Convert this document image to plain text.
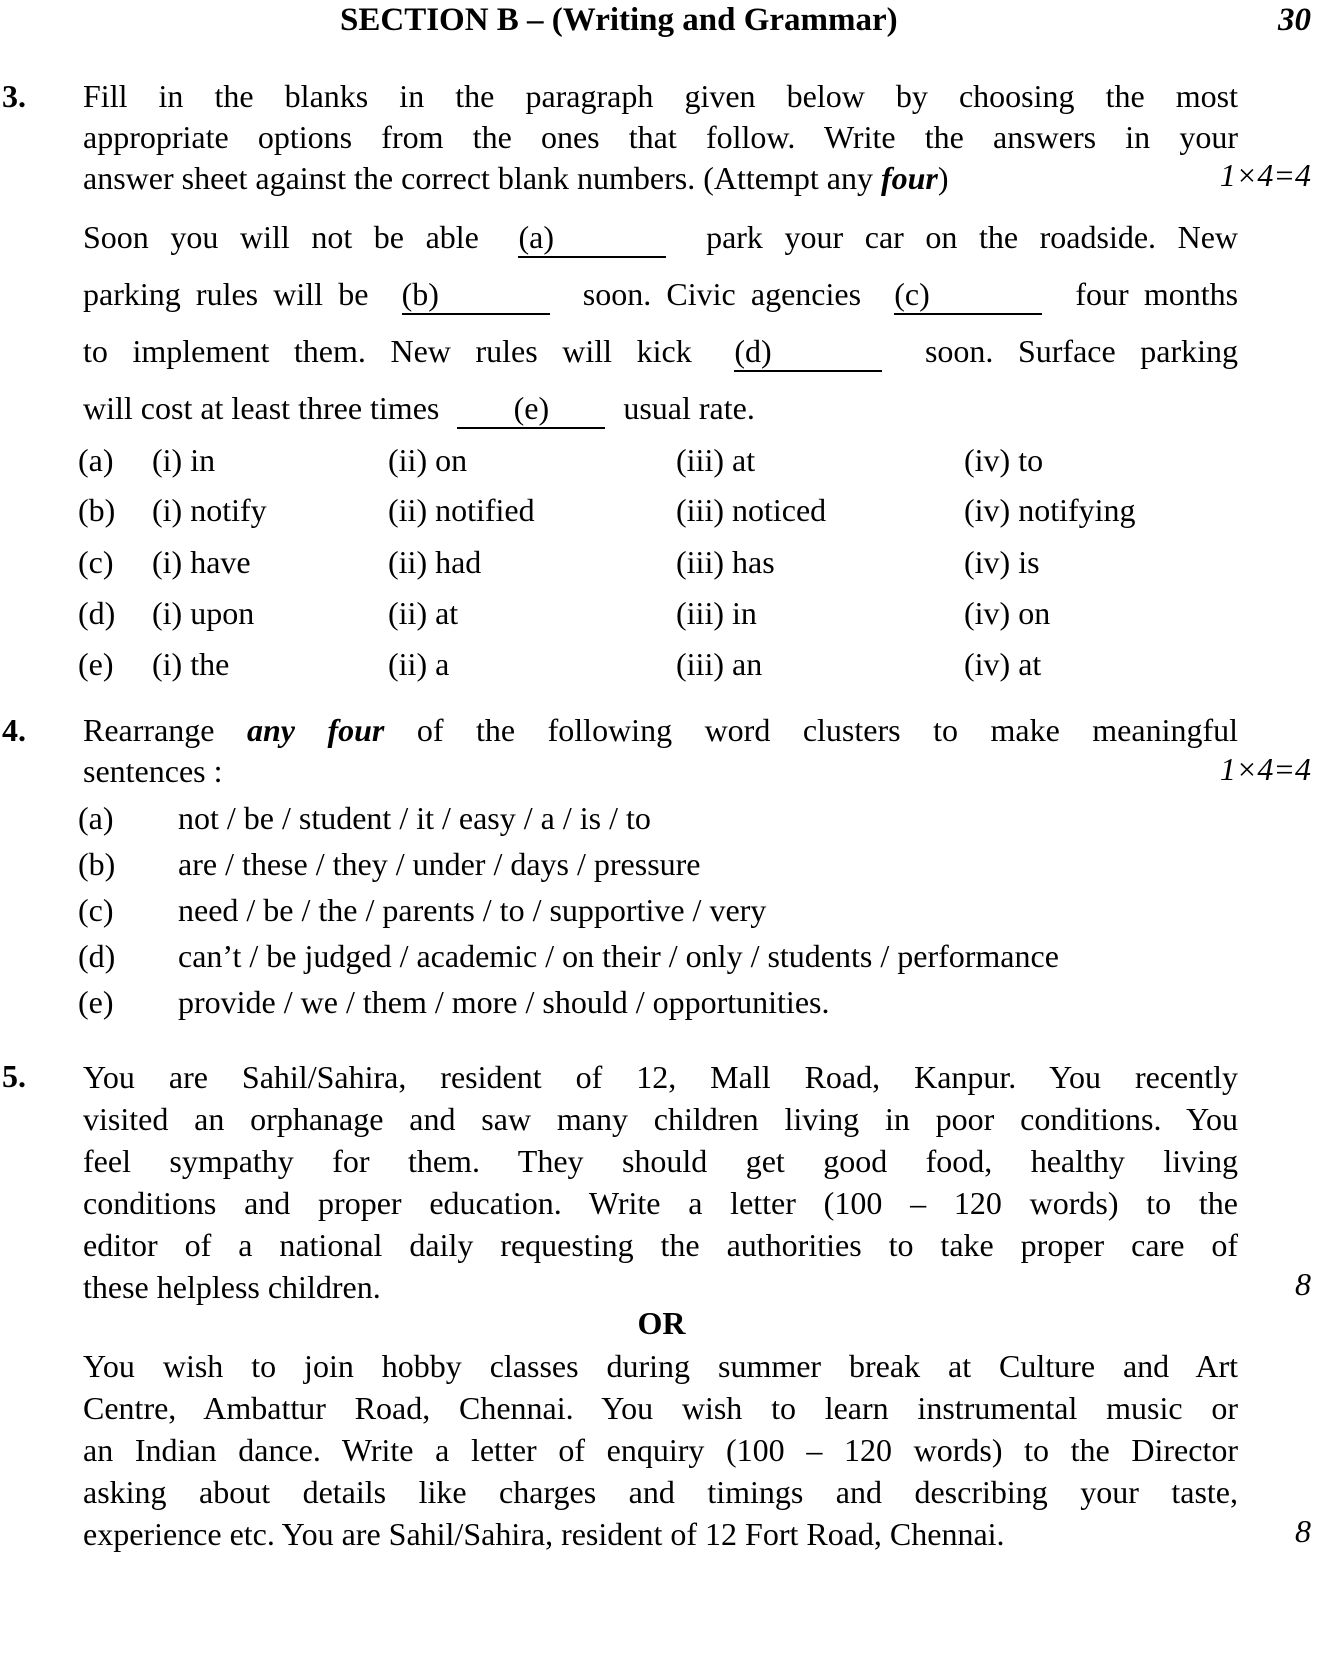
SECTION B – (Writing and Grammar)	30
3. Fill in the blanks in the paragraph given below by choosing the most
appropriate options from the ones that follow. Write the answers in your
answer sheet against the correct blank numbers. (Attempt any four)	1×4=4
Soon you will not be able (a)	park your car on the roadside. New
parking rules will be (b)	soon. Civic agencies (c)	four months
to implement them. New rules will kick (d)	soon. Surface parking
will cost at least three times (e) usual rate.
(a) (i) in	(ii) on	(iii) at	(iv) to
(b) (i) notify	(ii) notified	(iii) noticed	(iv) notifying
(c) (i) have	(ii) had	(iii) has	(iv) is
(d) (i) upon	(ii) at	(iii) in	(iv) on
(e) (i) the	(ii) a	(iii) an	(iv) at
4. Rearrange any four of the following word clusters to make meaningful
sentences :	1×4=4
(a) not / be / student / it / easy / a / is / to
(b) are / these / they / under / days / pressure
(c) need / be / the / parents / to / supportive / very
(d) can’t / be judged / academic / on their / only / students / performance
(e) provide / we / them / more / should / opportunities.
5. You are Sahil/Sahira, resident of 12, Mall Road, Kanpur. You recently
visited an orphanage and saw many children living in poor conditions. You
feel sympathy for them. They should get good food, healthy living
conditions and proper education. Write a letter (100 – 120 words) to the
editor of a national daily requesting the authorities to take proper care of
these helpless children.	8
OR
You wish to join hobby classes during summer break at Culture and Art
Centre, Ambattur Road, Chennai. You wish to learn instrumental music or
an Indian dance. Write a letter of enquiry (100 – 120 words) to the Director
asking about details like charges and timings and describing your taste,
experience etc. You are Sahil/Sahira, resident of 12 Fort Road, Chennai.	8
